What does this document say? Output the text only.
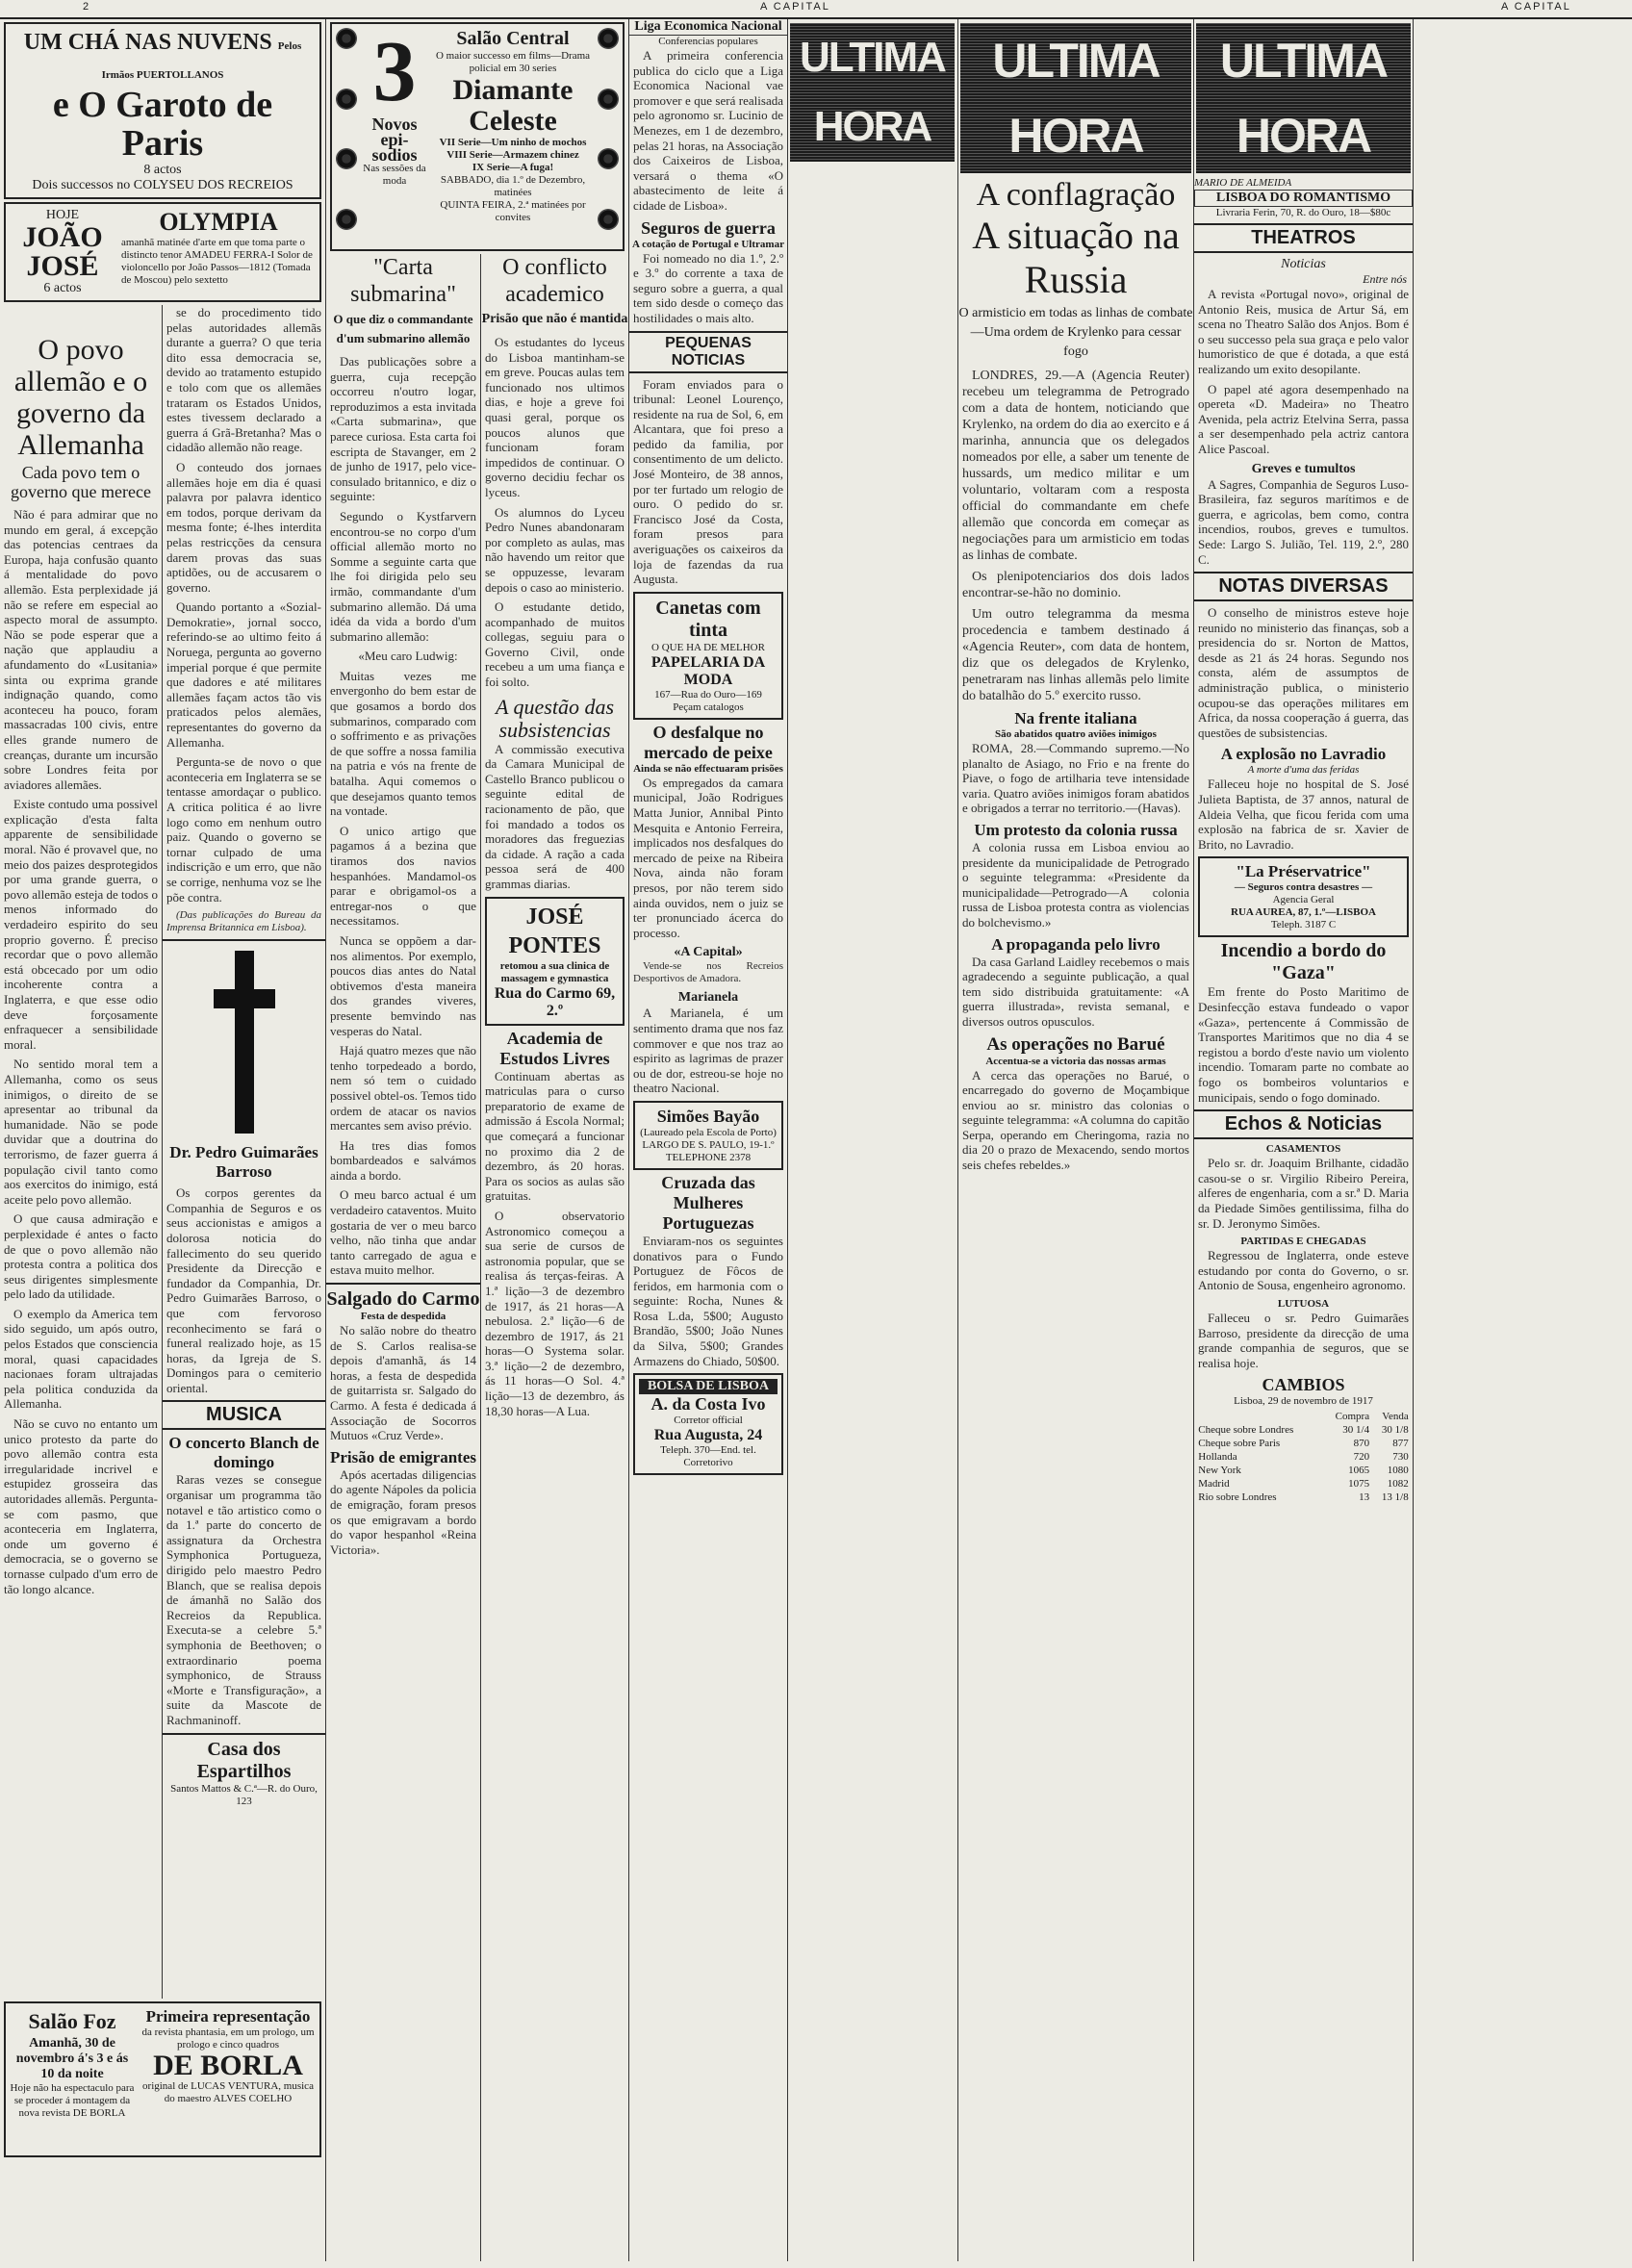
2	A CAPITAL	A CAPITAL
UM CHÁ NAS NUVENS Pelos Irmãos PUERTOLLANOS
e O Garoto de Paris
8 actos
Dois successos no COLYSEU DOS RECREIOS
HOJE
JOÃO JOSÉ
6 actos
OLYMPIA
amanhã matinée d'arte em que toma parte o distincto tenor AMADEU FERRA-I Solor de violoncello por João Passos—1812 (Tomada de Moscou) pelo sextetto
O povo allemão e o governo da Allemanha
Cada povo tem o governo que merece

Não é para admirar que no mundo em geral, á excepção das potencias centraes da Europa, haja confusão quanto á mentalidade do povo allemão. Esta perplexidade já não se refere em especial ao aspecto moral de assumpto. Não se pode esperar que a nação que applaudiu a afundamento do «Lusitania» sinta ou exprima grande indignação quando, como aconteceu ha pouco, foram massacradas 100 civis, entre elles grande numero de creanças, durante um incursão sobre Londres feita por aviadores allemães.

Existe contudo uma possivel explicação d'esta falta apparente de sensibilidade moral. Não é provavel que, no meio dos paizes desprotegidos por uma grande guerra, o povo allemão esteja de todos o menos informado do verdadeiro espirito do seu proprio governo. É preciso recordar que o povo allemão está obcecado por um odio incoherente contra a Inglaterra, e que esse odio deve forçosamente enfraquecer a sensibilidade moral.

No sentido moral tem a Allemanha, como os seus inimigos, o direito de se apresentar ao tribunal da humanidade. Não se pode duvidar que a doutrina do terrorismo, de fazer guerra á população civil tanto como aos exercitos do inimigo, está aceite pelo povo allemão.

O que causa admiração e perplexidade é antes o facto de que o povo allemão não protesta contra a politica dos seus dirigentes simplesmente pelo lado da utilidade.

O exemplo da America tem sido seguido, um após outro, pelos Estados que consciencia moral, quasi capacidades nacionaes foram ultrajadas pela politica conduzida da Allemanha.

Não se cuvo no entanto um unico protesto da parte do povo allemão contra esta irregularidade incrivel e estupidez grosseira das autoridades allemãs. Pergunta-se com pasmo, que aconteceria em Inglaterra, onde um governo é democracia, se o governo se tornasse culpado d'um erro de tão longo alcance.

se do procedimento tido pelas autoridades allemãs durante a guerra? O que teria dito essa democracia se, devido ao tratamento estupido e tolo com que os allemães trataram os Estados Unidos, estes tivessem declarado a guerra á Grã-Bretanha? Mas o cidadão allemão não reage.

O conteudo dos jornaes allemães hoje em dia é quasi palavra por palavra identico em todos, porque derivam da mesma fonte; é-lhes interdita pelas restricções da censura darem provas das suas aptidões, ou de accusarem o governo.

Quando portanto a «Sozial-Demokratie», jornal socco, referindo-se ao ultimo feito á Noruega, pergunta ao governo imperial porque é que permite que dadores e até militares allemães façam actos tão vis praticados pelos alemães, representantes do governo da Allemanha.

Pergunta-se de novo o que aconteceria em Inglaterra se se tentasse amordaçar o publico. A critica politica é ao livre logo como em nenhum outro paiz. Quando o governo se tornar culpado de uma indiscrição e um erro, que não se corrige, nenhuma voz se lhe põe contra.

(Das publicações do Bureau da Imprensa Britannica em Lisboa).

Dr. Pedro Guimarães Barroso

Os corpos gerentes da Companhia de Seguros e os seus accionistas e amigos a dolorosa noticia do fallecimento do seu querido Presidente da Direcção e fundador da Companhia, Dr. Pedro Guimarães Barroso, o que com fervoroso reconhecimento se fará o funeral realizado hoje, as 15 horas, da Igreja de S. Domingos para o cemiterio oriental.

MUSICA
O concerto Blanch de domingo

Raras vezes se consegue organisar um programma tão notavel e tão artistico como o da 1.ª parte do concerto de assignatura da Orchestra Symphonica Portugueza, dirigido pelo maestro Pedro Blanch, que se realisa depois de ámanhã no Salão dos Recreios da Republica. Executa-se a celebre 5.ª symphonia de Beethoven; o extraordinario poema symphonico, de Strauss «Morte e Transfiguração», a suite da Mascote de Rachmaninoff.

Casa dos Espartilhos
Santos Mattos & C.ª—R. do Ouro, 123
Salão Foz
Amanhã, 30 de novembro á's 3 e ás 10 da noite
Hoje não ha espectaculo para se proceder á montagem da nova revista DE BORLA
Primeira representação
da revista phantasia, em um prologo, um prologo e cinco quadros
DE BORLA
original de LUCAS VENTURA, musica do maestro ALVES COELHO
3
Novos epi-sodios
Nas sessões da moda
Salão Central
O maior successo em films—Drama policial em 30 series
Diamante
Celeste
VII Serie—Um ninho de mochos
VIII Serie—Armazem chinez
IX Serie—A fuga!
SABBADO, dia 1.º de Dezembro, matinées
QUINTA FEIRA, 2.ª matinées por convites
"Carta submarina"
O que diz o commandante d'um submarino allemão

Das publicações sobre a guerra, cuja recepção occorreu n'outro logar, reproduzimos a esta invitada «Carta submarina», que parece curiosa. Esta carta foi escripta de Stavanger, em 2 de junho de 1917, pelo vice-consulado britannico, e diz o seguinte:

Segundo o Kystfarvern encontrou-se no corpo d'um official allemão morto no Somme a seguinte carta que lhe foi dirigida pelo seu irmão, commandante d'um submarino allemão. Dá uma idéa da vida a bordo d'um submarino allemão:

«Meu caro Ludwig:

Muitas vezes me envergonho do bem estar de que gosamos a bordo dos submarinos, comparado com o soffrimento e as privações de que soffre a nossa familia na patria e vós na frente de batalha. Aqui comemos o que desejamos quanto temos na vontade.

O unico artigo que pagamos á a bezina que tiramos dos navios hespanhóes. Mandamol-os parar e obrigamol-os a entregar-nos o que necessitamos.

Nunca se oppõem a dar-nos alimentos. Por exemplo, poucos dias antes do Natal obtivemos d'esta maneira dos grandes viveres, presente bemvindo nas vesperas do Natal.

Hajá quatro mezes que não tenho torpedeado a bordo, nem só tem o cuidado possivel obtel-os. Temos tido ordem de atacar os navios mercantes sem aviso prévio.

Ha tres dias fomos bombardeados e salvámos ainda a bordo.

O meu barco actual é um verdadeiro cataventos. Muito gostaria de ver o meu barco velho, não tinha que andar tanto carregado de agua e estava muito melhor.

Salgado do Carmo
Festa de despedida

No salão nobre do theatro de S. Carlos realisa-se depois d'amanhã, ás 14 horas, a festa de despedida de guitarrista sr. Salgado do Carmo. A festa é dedicada á Associação de Socorros Mutuos «Cruz Verde».

Prisão de emigrantes

Após acertadas diligencias do agente Nápoles da policia de emigração, foram presos os que emigravam a bordo do vapor hespanhol «Reina Victoria».

O conflicto academico
Prisão que não é mantida

Os estudantes do lyceus do Lisboa mantinham-se em greve. Poucas aulas tem funcionado nos ultimos dias, e hoje a greve foi quasi geral, porque os poucos alunos que funcionam foram impedidos de continuar. O governo decidiu fechar os lyceus.

Os alumnos do Lyceu Pedro Nunes abandonaram por completo as aulas, mas não havendo um reitor que se oppuzesse, levaram depois o caso ao ministerio.

O estudante detido, acompanhado de muitos collegas, seguiu para o Governo Civil, onde recebeu a um uma fiança e foi solto.

A questão das subsistencias

A commissão executiva da Camara Municipal de Castello Branco publicou o seguinte edital de racionamento de pão, que foi mandado a todos os moradores das freguezias da cidade. A ração a cada pessoa será de 400 grammas diarias.

JOSÉ PONTES
retomou a sua clinica de massagem e gymnastica
Rua do Carmo 69, 2.º
Academia de Estudos Livres

Continuam abertas as matriculas para o curso preparatorio de exame de admissão á Escola Normal; que começará a funcionar no proximo dia 2 de dezembro, ás 20 horas. Para os socios as aulas são gratuitas.

O observatorio Astronomico começou a sua serie de cursos de astronomia popular, que se realisa ás terças-feiras. A 1.ª lição—3 de dezembro de 1917, ás 21 horas—A nebulosa. 2.ª lição—6 de dezembro de 1917, ás 21 horas—O Systema solar. 3.ª lição—2 de dezembro, ás 11 horas—O Sol. 4.ª lição—13 de dezembro, ás 18,30 horas—A Lua.

Liga Economica Nacional
Conferencias populares

A primeira conferencia publica do ciclo que a Liga Economica Nacional vae promover e que será realisada pelo agronomo sr. Lucinio de Menezes, em 1 de dezembro, pelas 21 horas, na Associação dos Caixeiros de Lisboa, versará o thema «O abastecimento de leite á cidade de Lisboa».

Seguros de guerra
A cotação de Portugal e Ultramar

Foi nomeado no dia 1.º, 2.º e 3.º do corrente a taxa de seguro sobre a guerra, a qual tem sido desde o começo das hostilidades o mais alto.

PEQUENAS NOTICIAS

Foram enviados para o tribunal: Leonel Lourenço, residente na rua de Sol, 6, em Alcantara, que foi preso a pedido da familia, por consentimento de um delicto. José Monteiro, de 38 annos, por ter furtado um relogio de ouro. O pedido do sr. Francisco José da Costa, foram presos para averiguações os caixeiros da loja de fazendas da rua Augusta.

Canetas com tinta
O QUE HA DE MELHOR
PAPELARIA DA MODA
167—Rua do Ouro—169
Peçam catalogos
O desfalque no mercado de peixe
Ainda se não effectuaram prisões

Os empregados da camara municipal, João Rodrigues Matta Junior, Annibal Pinto Mesquita e Antonio Ferreira, implicados nos desfalques do mercado de peixe na Ribeira Nova, ainda não foram presos, por não terem sido ainda ouvidos, nem o juiz se ter pronunciado ácerca do processo.

«A Capital»

Vende-se nos Recreios Desportivos de Amadora.

Marianela

A Marianela, é um sentimento drama que nos faz commover e que nos traz ao espirito as lagrimas de prazer ou de dor, estreou-se hoje no theatro Nacional.

Simões Bayão
(Laureado pela Escola de Porto)
LARGO DE S. PAULO, 19-1.º
TELEPHONE 2378
Cruzada das Mulheres Portuguezas

Enviaram-nos os seguintes donativos para o Fundo Portuguez de Fôcos de feridos, em harmonia com o seguinte: Rocha, Nunes & Rosa L.da, 5$00; Augusto Brandão, 5$00; João Nunes da Silva, 5$00; Grandes Armazens do Chiado, 50$00.

BOLSA DE LISBOA
A. da Costa Ivo
Corretor official
Rua Augusta, 24
Teleph. 370—End. tel. Corretorivo
ULTIMA HORA
ULTIMA HORA
A conflagração
A situação na Russia
O armisticio em todas as linhas de combate—Uma ordem de Krylenko para cessar fogo

LONDRES, 29.—A (Agencia Reuter) recebeu um telegramma de Petrogrado com a data de hontem, noticiando que Krylenko, na ordem do dia ao exercito e á marinha, annuncia que os delegados nomeados por elle, a saber um tenente de hussards, um medico militar e um voluntario, voltaram com a resposta official do commandante em chefe allemão que concorda em começar as negociações para um armisticio em todas as linhas de combate.

Os plenipotenciarios dos dois lados encontrar-se-hão no dominio.

Um outro telegramma da mesma procedencia e tambem destinado á «Agencia Reuter», com data de hontem, diz que os delegados de Krylenko, penetraram nas linhas allemãs pelo limite do batalhão do 5.º exercito russo.

Na frente italiana
São abatidos quatro aviões inimigos

ROMA, 28.—Commando supremo.—No planalto de Asiago, no Frio e na frente do Piave, o fogo de artilharia teve intensidade varia. Quatro aviões inimigos foram abatidos e obrigados a terrar no territorio.—(Havas).

Um protesto da colonia russa

A colonia russa em Lisboa enviou ao presidente da municipalidade de Petrogrado o seguinte telegramma: «Presidente da municipalidade—Petrogrado—A colonia russa de Lisboa protesta contra as violencias do bolchevismo.»

A propaganda pelo livro

Da casa Garland Laidley recebemos o mais agradecendo a seguinte publicação, a qual tem sido distribuida gratuitamente: «A guerra illustrada», revista semanal, e diversos outros opusculos.

As operações no Barué
Accentua-se a victoria das nossas armas

A cerca das operações no Barué, o encarregado do governo de Moçambique enviou ao sr. ministro das colonias o seguinte telegramma: «A columna do capitão Serpa, operando em Cheringoma, razia no dia 20 o prazo de Mexacendo, sendo mortos seis chefes rebeldes.»

ULTIMA HORA
MARIO DE ALMEIDA
LISBOA DO ROMANTISMO
Livraria Ferin, 70, R. do Ouro, 18—$80c
THEATROS
Noticias
Entre nós

A revista «Portugal novo», original de Antonio Reis, musica de Artur Sá, em scena no Theatro Salão dos Anjos. Bom é o seu successo pela sua graça e pelo valor humoristico de que é dotada, a que está realizando um exito desopilante.

O papel até agora desempenhado na opereta «D. Madeira» no Theatro Avenida, pela actriz Etelvina Serra, passa a ser desempenhado pela actriz cantora Alice Pascoal.

Greves e tumultos

A Sagres, Companhia de Seguros Luso-Brasileira, faz seguros marítimos e de guerra, e agricolas, bem como, contra incendios, roubos, greves e tumultos. Sede: Largo S. Julião, Tel. 119, 2.º, 280 C.

NOTAS DIVERSAS

O conselho de ministros esteve hoje reunido no ministerio das finanças, sob a presidencia do sr. Norton de Mattos, desde as 21 ás 24 horas. Segundo nos consta, além de assumptos de administração publica, o ministerio ocupou-se das operações militares em Africa, da nossa cooperação á guerra, das questões de subsistencias.

A explosão no Lavradio
A morte d'uma das feridas

Falleceu hoje no hospital de S. José Julieta Baptista, de 37 annos, natural de Aldeia Velha, que ficou ferida com uma explosão na fabrica de sr. Xavier de Brito, no Lavradio.

"La Préservatrice"
— Seguros contra desastres —
Agencia Geral
RUA AUREA, 87, 1.º—LISBOA
Teleph. 3187 C
Incendio a bordo do "Gaza"

Em frente do Posto Maritimo de Desinfecção estava fundeado o vapor «Gaza», pertencente á Commissão de Transportes Maritimos que no dia 4 se registou a bordo d'este navio um violento incendio. Tomaram parte no combate ao fogo os bombeiros voluntarios e municipais, sendo o fogo dominado.

Echos & Noticias
CASAMENTOS

Pelo sr. dr. Joaquim Brilhante, cidadão casou-se o sr. Virgilio Ribeiro Pereira, alferes de engenharia, com a sr.ª D. Maria da Piedade Simões gentilissima, filha do sr. D. Jeronymo Simões.

PARTIDAS E CHEGADAS

Regressou de Inglaterra, onde esteve estudando por conta do Governo, o sr. Antonio de Sousa, engenheiro agronomo.

LUTUOSA

Falleceu o sr. Pedro Guimarães Barroso, presidente da direcção de uma grande companhia de seguros, que se realisa hoje.

CAMBIOS
Lisboa, 29 de novembro de 1917
	Compra	Venda
Cheque sobre Londres	30 1/4	30 1/8
Cheque sobre Paris	870	877
Hollanda	720	730
New York	1065	1080
Madrid	1075	1082
Rio sobre Londres	13	13 1/8
